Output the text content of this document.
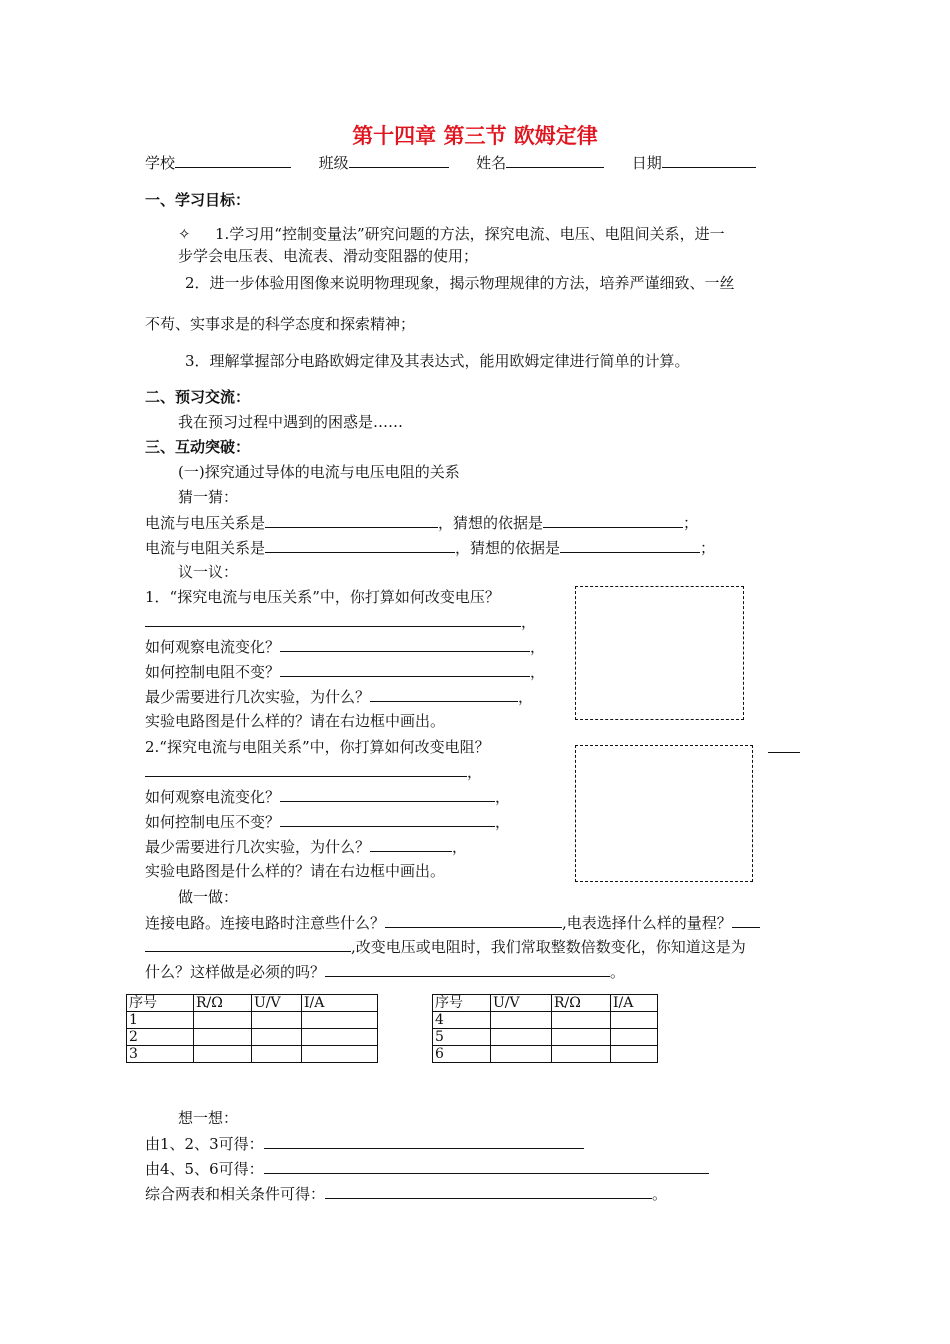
第十四章 第三节 欧姆定律
学校	班级	姓名	日期
一、学习目标：
✧ 1.学习用“控制变量法”研究问题的方法，探究电流、电压、电阻间关系，进一
步学会电压表、电流表、滑动变阻器的使用；
2．进一步体验用图像来说明物理现象，揭示物理规律的方法，培养严谨细致、一丝
不苟、实事求是的科学态度和探索精神；
3．理解掌握部分电路欧姆定律及其表达式，能用欧姆定律进行简单的计算。
二、预习交流：
我在预习过程中遇到的困惑是……
三、互动突破：
(一)探究通过导体的电流与电压电阻的关系
猜一猜：
电流与电压关系是	，猜想的依据是	；
电流与电阻关系是	，猜想的依据是	；
议一议：
1．“探究电流与电压关系”中，你打算如何改变电压？
，
如何观察电流变化？	，
如何控制电阻不变？	，
最少需要进行几次实验，为什么？	，
实验电路图是什么样的？请在右边框中画出。
2.“探究电流与电阻关系”中，你打算如何改变电阻？
，
如何观察电流变化？	，
如何控制电压不变？	，
最少需要进行几次实验，为什么？	，
实验电路图是什么样的？请在右边框中画出。
做一做：
连接电路。连接电路时注意些什么？	,电表选择什么样的量程？
,改变电压或电阻时，我们常取整数倍数变化，你知道这是为
什么？这样做是必须的吗？	。
序号	R/Ω	U/V	I/A
1			
2			
3			
序号	U/V	R/Ω	I/A
4			
5			
6			
想一想：
由1、2、3可得：
由4、5、6可得：
综合两表和相关条件可得：	。
